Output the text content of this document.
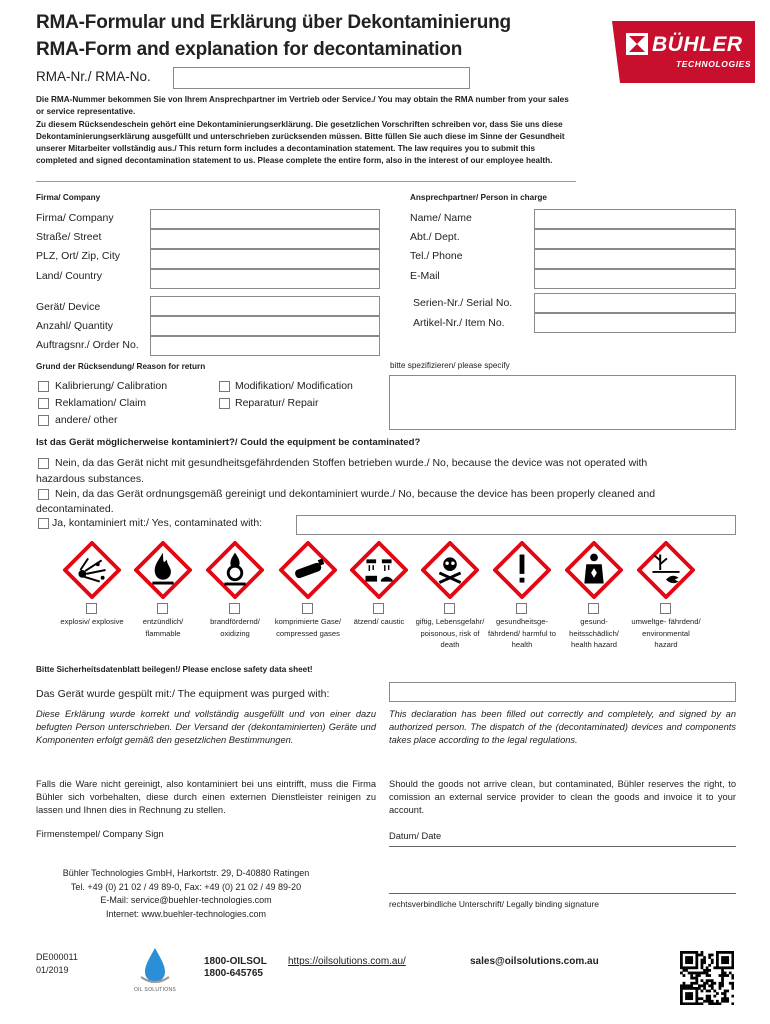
RMA-Formular und Erklärung über Dekontaminierung
RMA-Form and explanation for decontamination	BÜHLER
TECHNOLOGIES
RMA-Nr./ RMA-No.
Die RMA-Nummer bekommen Sie von Ihrem Ansprechpartner im Vertrieb oder Service./ You may obtain the RMA number from your sales or service representative.
Zu diesem Rücksendeschein gehört eine Dekontaminierungserklärung. Die gesetzlichen Vorschriften schreiben vor, dass Sie uns diese Dekontaminierungserklärung ausgefüllt und unterschrieben zurücksenden müssen. Bitte füllen Sie auch diese im Sinne der Gesundheit unserer Mitarbeiter vollständig aus./ This return form includes a decontamination statement. The law requires you to submit this completed and signed decontamination statement to us. Please complete the entire form, also in the interest of our employee health.
Firma/ Company	Ansprechpartner/ Person in charge
Firma/ Company
Straße/ Street
PLZ, Ort/ Zip, City
Land/ Country
Name/ Name
Abt./ Dept.
Tel./ Phone
E-Mail
Gerät/ Device
Anzahl/ Quantity
Auftragsnr./ Order No.
Serien-Nr./ Serial No.
Artikel-Nr./ Item No.
Grund der Rücksendung/ Reason for return	bitte spezifizieren/ please specify
Kalibrierung/ Calibration	Modifikation/ Modification
Reklamation/ Claim	Reparatur/ Repair
andere/ other
Ist das Gerät möglicherweise kontaminiert?/ Could the equipment be contaminated?
Nein, da das Gerät nicht mit gesundheitsgefährdenden Stoffen betrieben wurde./ No, because the device was not operated with
hazardous substances.
Nein, da das Gerät ordnungsgemäß gereinigt und dekontaminiert wurde./ No, because the device has been properly cleaned and
decontaminated.
Ja, kontaminiert mit:/ Yes, contaminated with:
explosiv/ explosive	entzündlich/ flammable
brandfördernd/ oxidizing
komprimierte Gase/ compressed gases
ätzend/ caustic	giftig, Lebensgefahr/ poisonous, risk of death
gesundheitsge- fährdend/ harmful to health
gesund- heitsschädlich/ health hazard
umweltge- fährdend/ environmental hazard
Bitte Sicherheitsdatenblatt beilegen!/ Please enclose safety data sheet!
Das Gerät wurde gespült mit:/ The equipment was purged with:
Diese Erklärung wurde korrekt und vollständig ausgefüllt und von einer dazu befugten Person unterschrieben. Der Versand der (dekontaminierten) Geräte und Komponenten erfolgt gemäß den gesetzlichen Bestimmungen.
This declaration has been filled out correctly and completely, and signed by an authorized person. The dispatch of the (decontaminated) devices and components takes place according to the legal regulations.
Falls die Ware nicht gereinigt, also kontaminiert bei uns eintrifft, muss die Firma Bühler sich vorbehalten, diese durch einen externen Dienstleister reinigen zu lassen und Ihnen dies in Rechnung zu stellen.
Should the goods not arrive clean, but contaminated, Bühler reserves the right, to comission an external service provider to clean the goods and invoice it to your account.
Firmenstempel/ Company Sign	Datum/ Date
rechtsverbindliche Unterschrift/ Legally binding signature
Bühler Technologies GmbH, Harkortstr. 29, D-40880 Ratingen
Tel. +49 (0) 21 02 / 49 89-0, Fax: +49 (0) 21 02 / 49 89-20
E-Mail: service@buehler-technologies.com
Internet: www.buehler-technologies.com
DE000011
01/2019
OIL SOLUTIONS
1800-OILSOL
1800-645765
https://oilsolutions.com.au/	sales@oilsolutions.com.au
